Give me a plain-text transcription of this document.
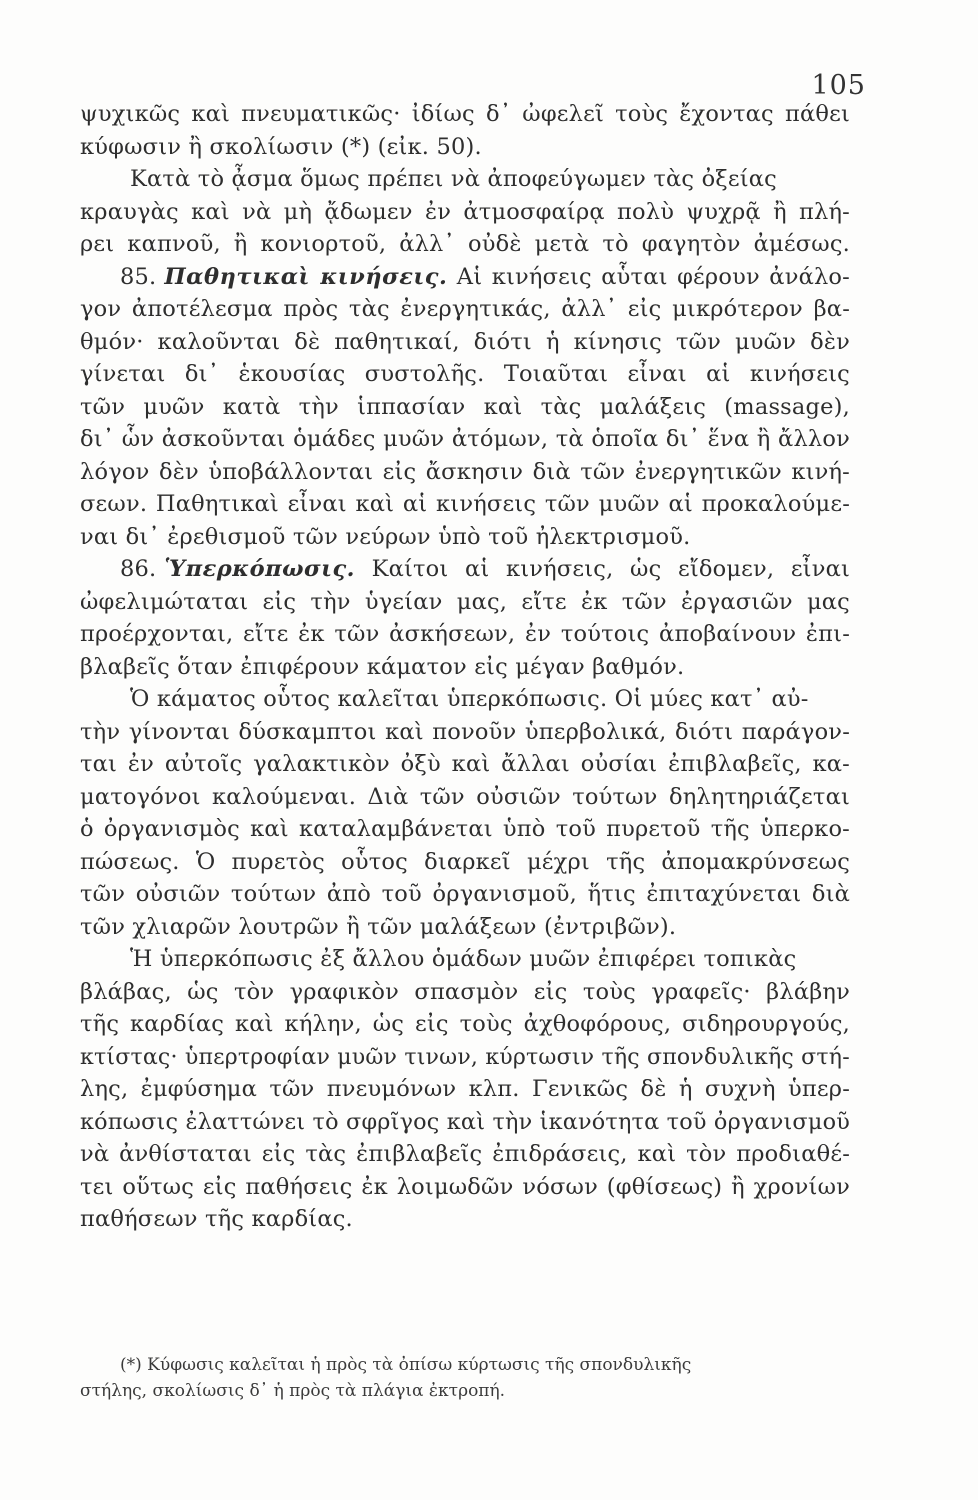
105
ψυχικῶς καὶ πνευματικῶς· ἰδίως δ᾽ ὠφελεῖ τοὺς ἔχοντας πάθει
κύφωσιν ἢ σκολίωσιν (*) (εἰκ. 50).
Κατὰ τὸ ᾆσμα ὅμως πρέπει νὰ ἀποφεύγωμεν τὰς ὀξείας
κραυγὰς καὶ νὰ μὴ ᾄδωμεν ἐν ἀτμοσφαίρᾳ πολὺ ψυχρᾷ ἢ πλή-
ρει καπνοῦ, ἢ κονιορτοῦ, ἀλλ᾽ οὐδὲ μετὰ τὸ φαγητὸν ἀμέσως.
85. Παθητικαὶ κινήσεις. Αἱ κινήσεις αὗται φέρουν ἀνάλο-
γον ἀποτέλεσμα πρὸς τὰς ἐνεργητικάς, ἀλλ᾽ εἰς μικρότερον βα-
θμόν· καλοῦνται δὲ παθητικαί, διότι ἡ κίνησις τῶν μυῶν δὲν
γίνεται δι᾽ ἑκουσίας συστολῆς. Τοιαῦται εἶναι αἱ κινήσεις
τῶν μυῶν κατὰ τὴν ἱππασίαν καὶ τὰς μαλάξεις (massage),
δι᾽ ὧν ἀσκοῦνται ὁμάδες μυῶν ἀτόμων, τὰ ὁποῖα δι᾽ ἕνα ἢ ἄλλον
λόγον δὲν ὑποβάλλονται εἰς ἄσκησιν διὰ τῶν ἐνεργητικῶν κινή-
σεων. Παθητικαὶ εἶναι καὶ αἱ κινήσεις τῶν μυῶν αἱ προκαλούμε-
ναι δι᾽ ἐρεθισμοῦ τῶν νεύρων ὑπὸ τοῦ ἠλεκτρισμοῦ.
86. Ὑπερκόπωσις. Καίτοι αἱ κινήσεις, ὡς εἴδομεν, εἶναι
ὠφελιμώταται εἰς τὴν ὑγείαν μας, εἴτε ἐκ τῶν ἐργασιῶν μας
προέρχονται, εἴτε ἐκ τῶν ἀσκήσεων, ἐν τούτοις ἀποβαίνουν ἐπι-
βλαβεῖς ὅταν ἐπιφέρουν κάματον εἰς μέγαν βαθμόν.
Ὁ κάματος οὗτος καλεῖται ὑπερκόπωσις. Οἱ μύες κατ᾽ αὐ-
τὴν γίνονται δύσκαμπτοι καὶ πονοῦν ὑπερβολικά, διότι παράγον-
ται ἐν αὐτοῖς γαλακτικὸν ὀξὺ καὶ ἄλλαι οὐσίαι ἐπιβλαβεῖς, κα-
ματογόνοι καλούμεναι. Διὰ τῶν οὐσιῶν τούτων δηλητηριάζεται
ὁ ὀργανισμὸς καὶ καταλαμβάνεται ὑπὸ τοῦ πυρετοῦ τῆς ὑπερκο-
πώσεως. Ὁ πυρετὸς οὗτος διαρκεῖ μέχρι τῆς ἀπομακρύνσεως
τῶν οὐσιῶν τούτων ἀπὸ τοῦ ὀργανισμοῦ, ἥτις ἐπιταχύνεται διὰ
τῶν χλιαρῶν λουτρῶν ἢ τῶν μαλάξεων (ἐντριβῶν).
Ἡ ὑπερκόπωσις ἐξ ἄλλου ὁμάδων μυῶν ἐπιφέρει τοπικὰς
βλάβας, ὡς τὸν γραφικὸν σπασμὸν εἰς τοὺς γραφεῖς· βλάβην
τῆς καρδίας καὶ κήλην, ὡς εἰς τοὺς ἀχθοφόρους, σιδηρουργούς,
κτίστας· ὑπερτροφίαν μυῶν τινων, κύρτωσιν τῆς σπονδυλικῆς στή-
λης, ἐμφύσημα τῶν πνευμόνων κλπ. Γενικῶς δὲ ἡ συχνὴ ὑπερ-
κόπωσις ἐλαττώνει τὸ σφρῖγος καὶ τὴν ἱκανότητα τοῦ ὀργανισμοῦ
νὰ ἀνθίσταται εἰς τὰς ἐπιβλαβεῖς ἐπιδράσεις, καὶ τὸν προδιαθέ-
τει οὕτως εἰς παθήσεις ἐκ λοιμωδῶν νόσων (φθίσεως) ἢ χρονίων
παθήσεων τῆς καρδίας.
(*) Κύφωσις καλεῖται ἡ πρὸς τὰ ὀπίσω κύρτωσις τῆς σπονδυλικῆς
στήλης, σκολίωσις δ᾽ ἡ πρὸς τὰ πλάγια ἐκτροπή.
